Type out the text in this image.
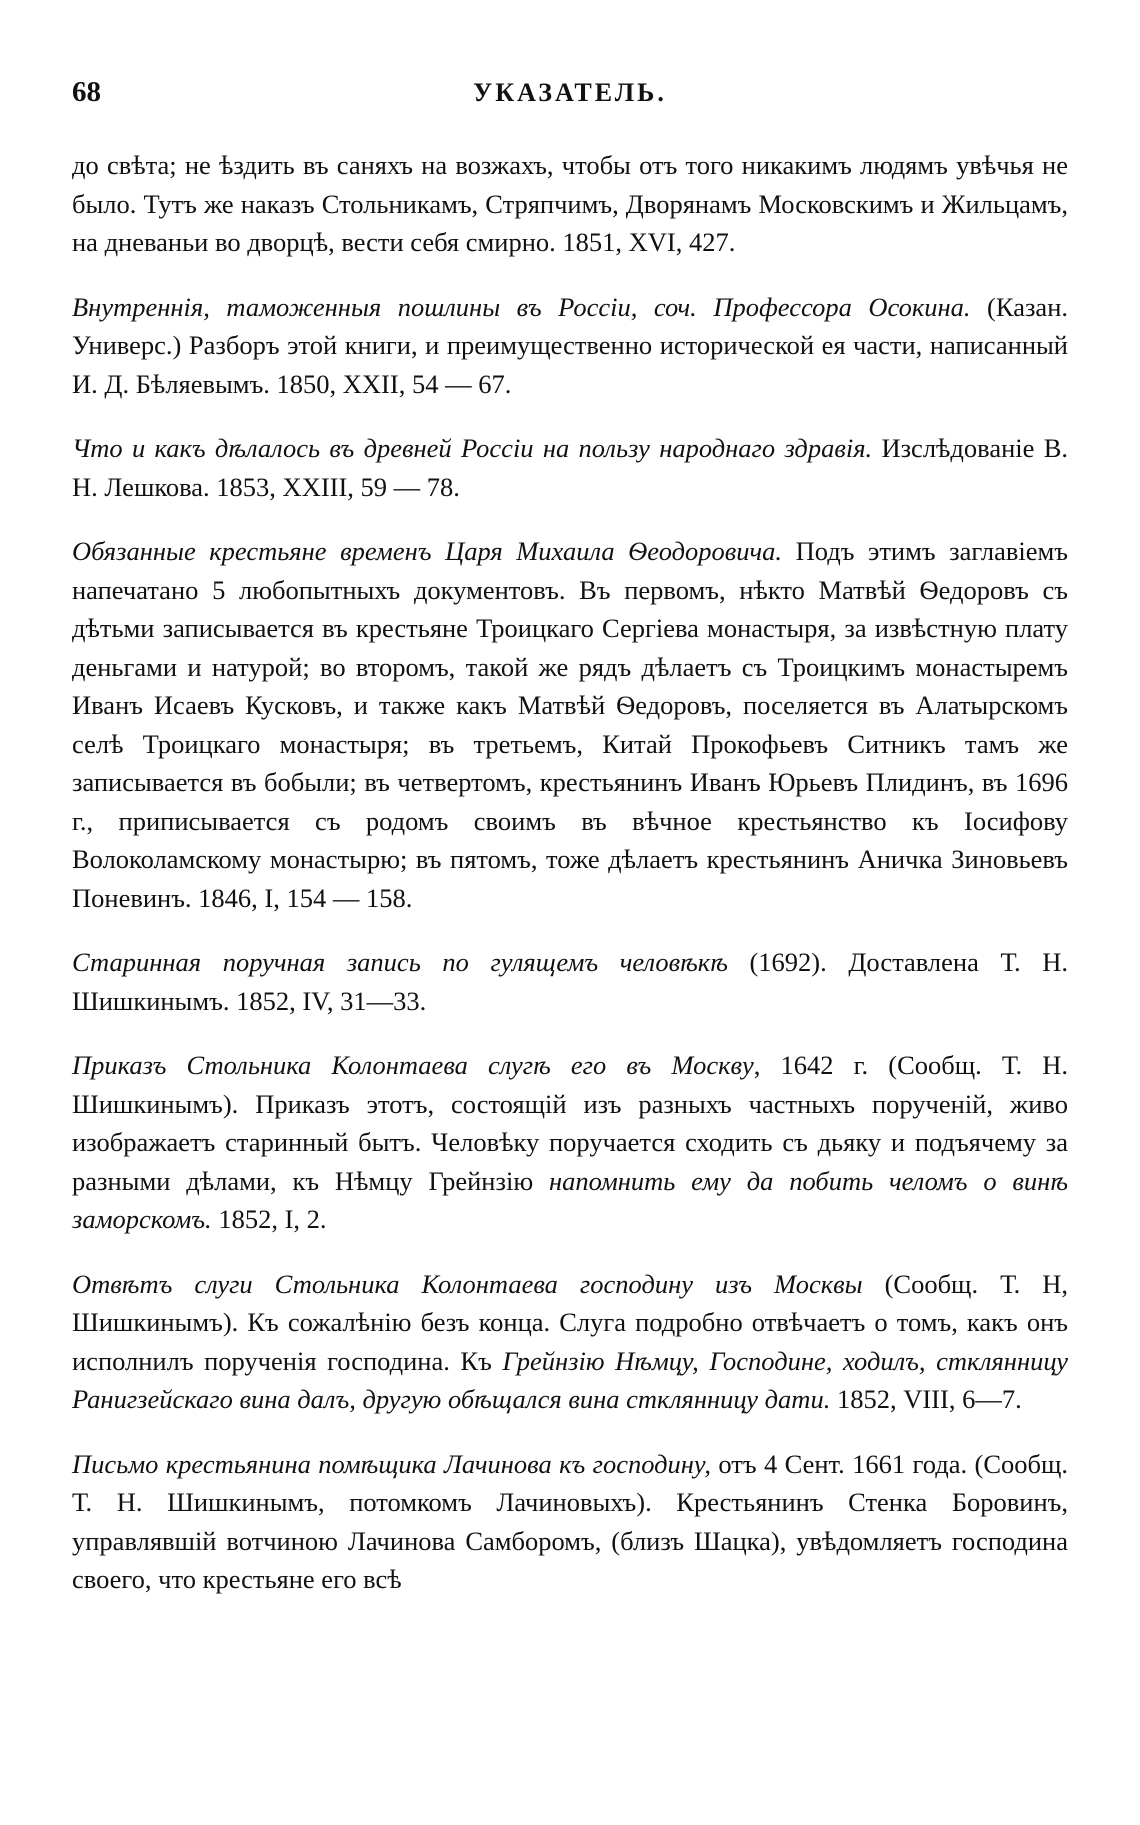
68	УКАЗАТЕЛЬ.

до свѣта; не ѣздить въ саняхъ на возжахъ, чтобы отъ того никакимъ людямъ увѣчья не было. Тутъ же наказъ Стольникамъ, Стряпчимъ, Дворянамъ Московскимъ и Жильцамъ, на дневаньи во дворцѣ, вести себя смирно. 1851, XVI, 427.

Внутреннія, таможенныя пошлины въ Россіи, соч. Профессора Осокина. (Казан. Универс.) Разборъ этой книги, и преимущественно исторической ея части, написанный И. Д. Бѣляевымъ. 1850, XXII, 54 — 67.

Что и какъ дѣлалось въ древней Россіи на пользу народнаго здравія. Изслѣдованіе В. Н. Лешкова. 1853, XXIII, 59 — 78.

Обязанные крестьяне временъ Царя Михаила Ѳеодоровича. Подъ этимъ заглавіемъ напечатано 5 любопытныхъ документовъ. Въ первомъ, нѣкто Матвѣй Ѳедоровъ съ дѣтьми записывается въ крестьяне Троицкаго Сергіева монастыря, за извѣстную плату деньгами и натурой; во второмъ, такой же рядъ дѣлаетъ съ Троицкимъ монастыремъ Иванъ Исаевъ Кусковъ, и также какъ Матвѣй Ѳедоровъ, поселяется въ Алатырскомъ селѣ Троицкаго монастыря; въ третьемъ, Китай Прокофьевъ Ситникъ тамъ же записывается въ бобыли; въ четвертомъ, крестьянинъ Иванъ Юрьевъ Плидинъ, въ 1696 г., приписывается съ родомъ своимъ въ вѣчное крестьянство къ Іосифову Волоколамскому монастырю; въ пятомъ, тоже дѣлаетъ крестьянинъ Аничка Зиновьевъ Поневинъ. 1846, I, 154 — 158.

Старинная поручная запись по гулящемъ человѣкѣ (1692). Доставлена Т. Н. Шишкинымъ. 1852, IV, 31—33.

Приказъ Стольника Колонтаева слугѣ его въ Москву, 1642 г. (Сообщ. Т. Н. Шишкинымъ). Приказъ этотъ, состоящій изъ разныхъ частныхъ порученій, живо изображаетъ старинный бытъ. Человѣку поручается сходить съ дьяку и подъячему за разными дѣлами, къ Нѣмцу Грейнзію напомнить ему да побить челомъ о винѣ заморскомъ. 1852, I, 2.

Отвѣтъ слуги Стольника Колонтаева господину изъ Москвы (Сообщ. Т. Н, Шишкинымъ). Къ сожалѣнію безъ конца. Слуга подробно отвѣчаетъ о томъ, какъ онъ исполнилъ порученія господина. Къ Грейнзію Нѣмцу, Господине, ходилъ, стклянницу Ранигзейскаго вина далъ, другую обѣщался вина стклянницу дати. 1852, VIII, 6—7.

Письмо крестьянина помѣщика Лачинова къ господину, отъ 4 Сент. 1661 года. (Сообщ. Т. Н. Шишкинымъ, потомкомъ Лачиновыхъ). Крестьянинъ Стенка Боровинъ, управлявшій вотчиною Лачинова Самборомъ, (близъ Шацка), увѣдомляетъ господина своего, что крестьяне его всѣ
